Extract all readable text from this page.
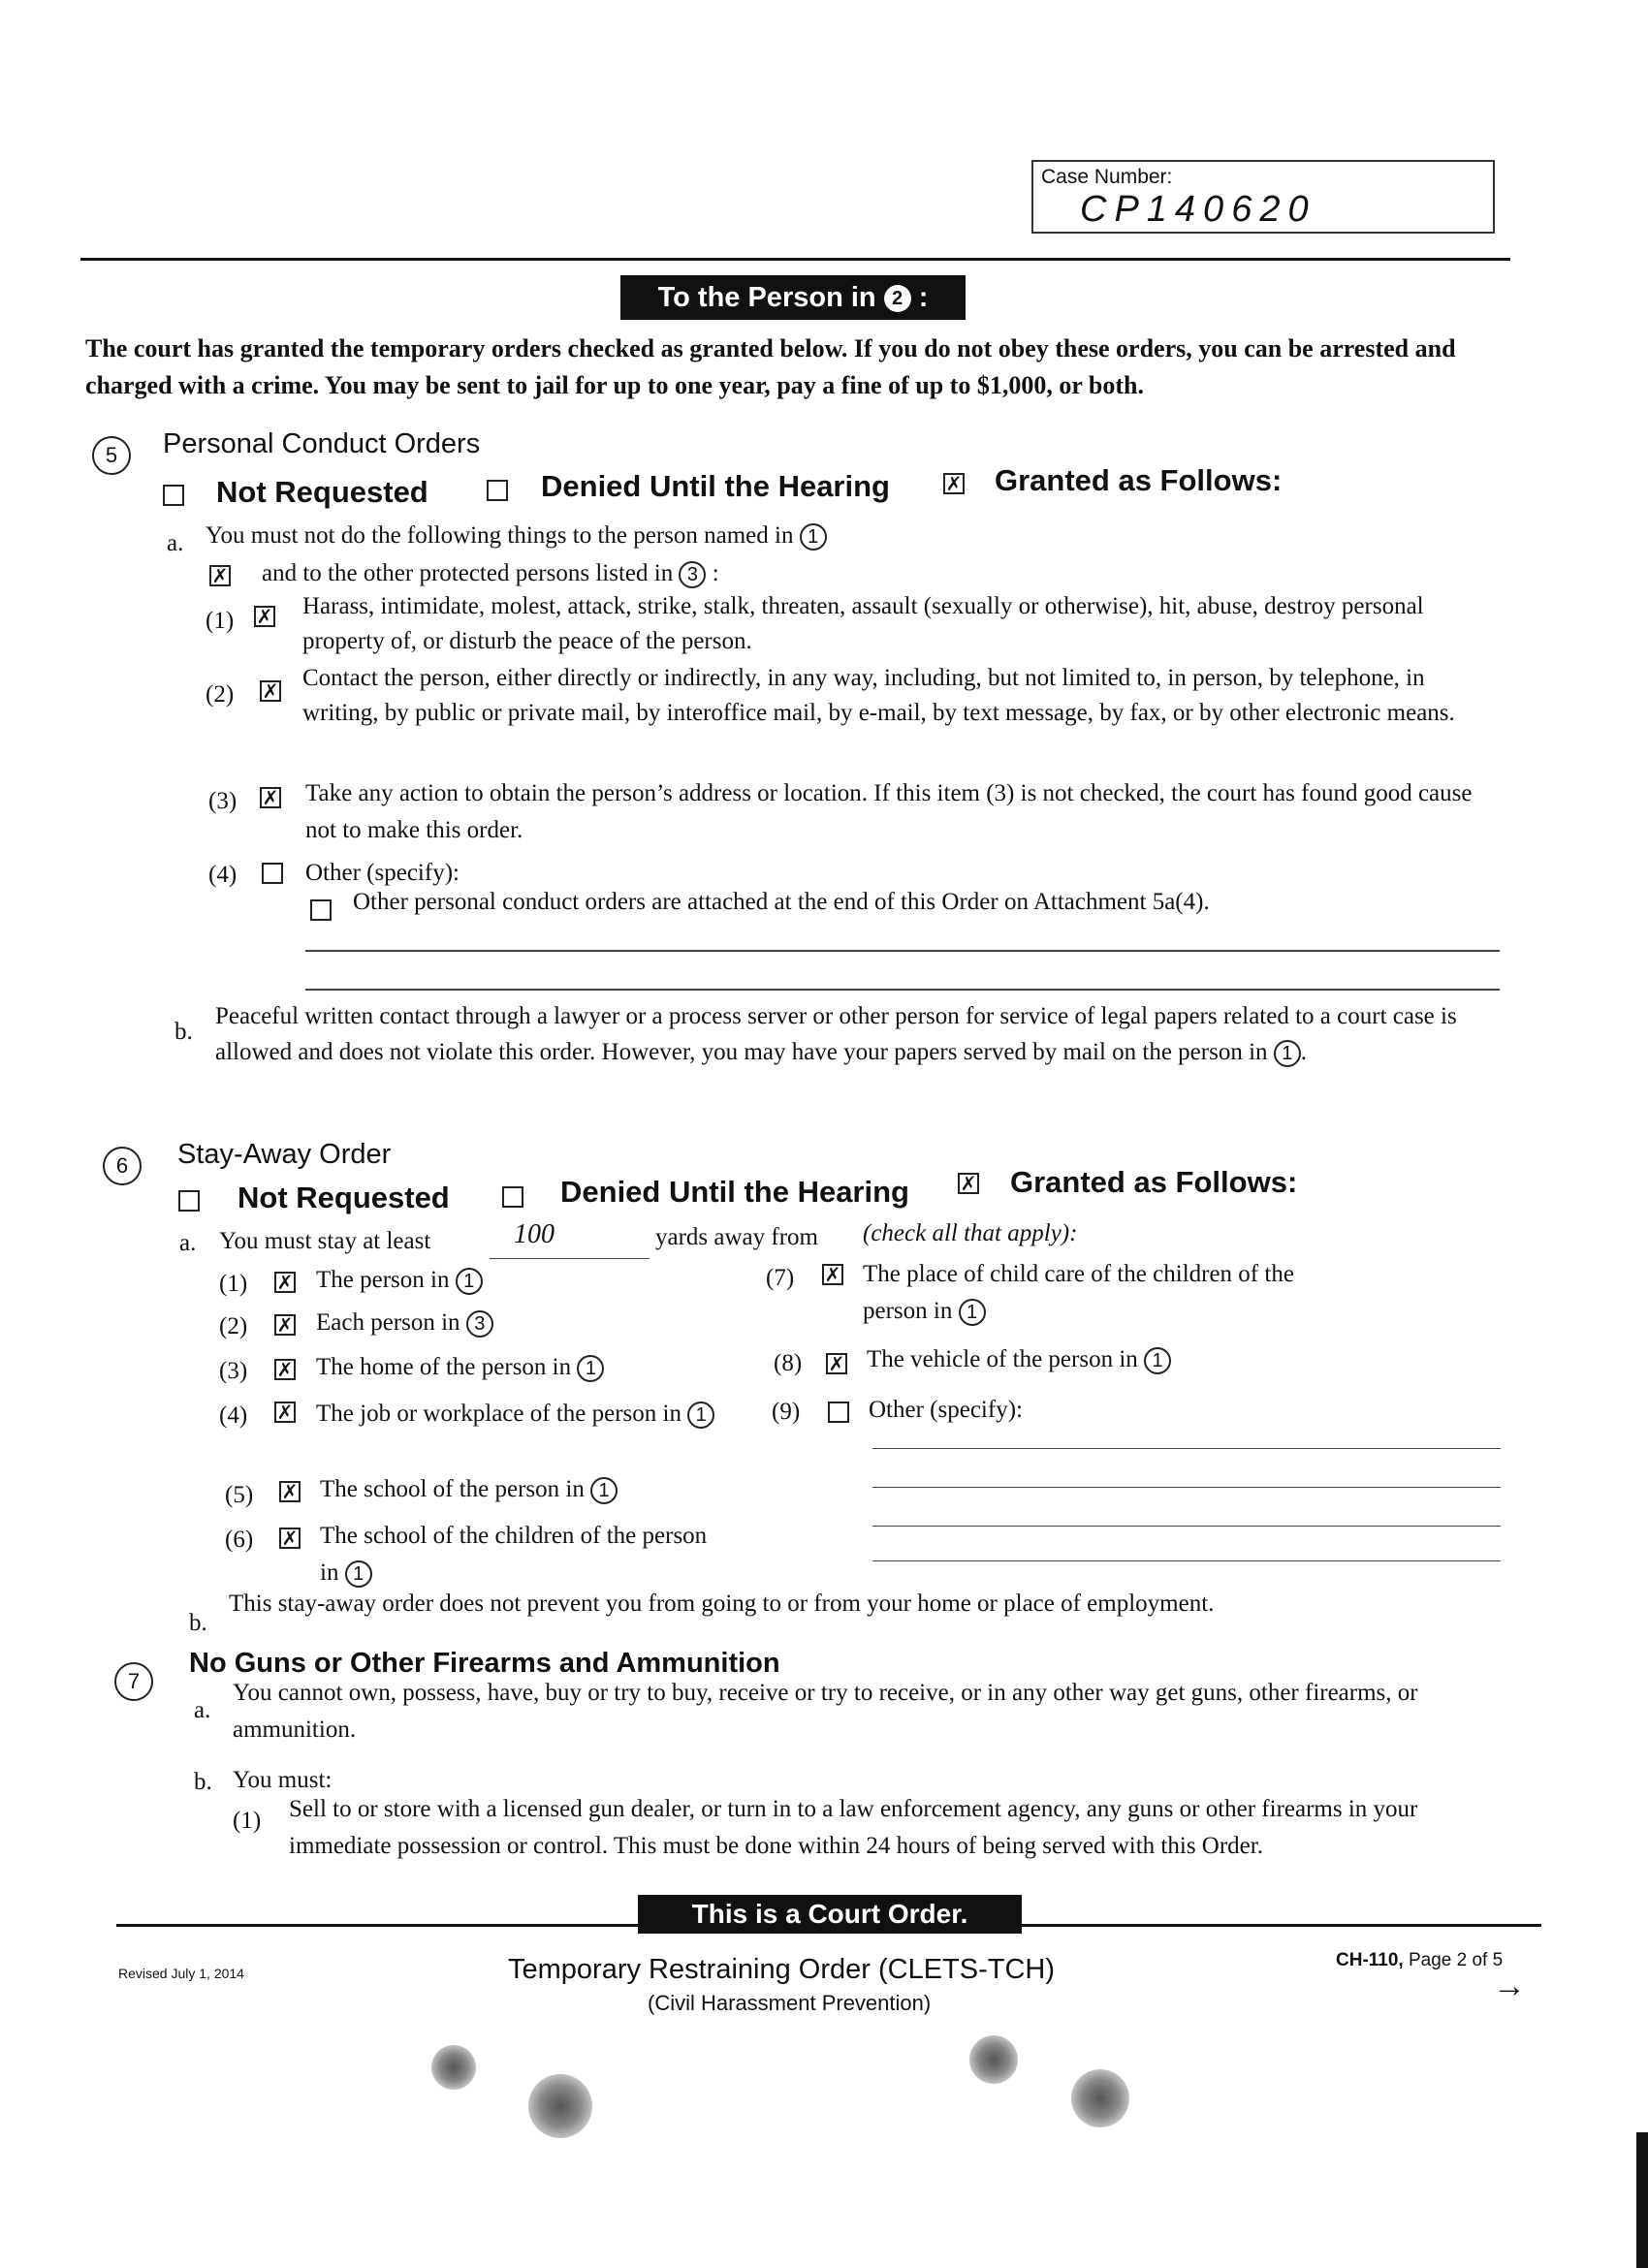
Case Number:
CP140620
To the Person in 2 :
The court has granted the temporary orders checked as granted below. If you do not obey these orders, you can be arrested and charged with a crime. You may be sent to jail for up to one year, pay a fine of up to $1,000, or both.
5	Personal Conduct Orders
Not Requested	Denied Until the Hearing	✗ Granted as Follows:
a. You must not do the following things to the person named in 1
✗ and to the other protected persons listed in 3 :
(1) ✗ Harass, intimidate, molest, attack, strike, stalk, threaten, assault (sexually or otherwise), hit, abuse, destroy personal property of, or disturb the peace of the person.
(2) ✗ Contact the person, either directly or indirectly, in any way, including, but not limited to, in person, by telephone, in writing, by public or private mail, by interoffice mail, by e-mail, by text message, by fax, or by other electronic means.
(3) ✗ Take any action to obtain the person’s address or location. If this item (3) is not checked, the court has found good cause not to make this order.
(4)	Other (specify):
Other personal conduct orders are attached at the end of this Order on Attachment 5a(4).
b.
Peaceful written contact through a lawyer or a process server or other person for service of legal papers related to a court case is allowed and does not violate this order. However, you may have your papers served by mail on the person in 1 .
6	Stay-Away Order
Not Requested	Denied Until the Hearing	✗ Granted as Follows:
a. You must stay at least	100	yards away from (check all that apply):
(1) ✗ The person in 1
(2) ✗ Each person in 3
(3) ✗ The home of the person in 1
(4) ✗ The job or workplace of the person in 1
(5) ✗ The school of the person in 1
(6) ✗ The school of the children of the person in 1
(7) ✗ The place of child care of the children of the person in 1
(8) ✗ The vehicle of the person in 1
(9)	Other (specify):
b.
This stay-away order does not prevent you from going to or from your home or place of employment.
7
No Guns or Other Firearms and Ammunition
a.
You cannot own, possess, have, buy or try to buy, receive or try to receive, or in any other way get guns, other firearms, or ammunition.
b. You must:
(1) Sell to or store with a licensed gun dealer, or turn in to a law enforcement agency, any guns or other firearms in your immediate possession or control. This must be done within 24 hours of being served with this Order.
This is a Court Order.
Revised July 1, 2014	Temporary Restraining Order (CLETS-TCH)
(Civil Harassment Prevention)
CH-110, Page 2 of 5
→
